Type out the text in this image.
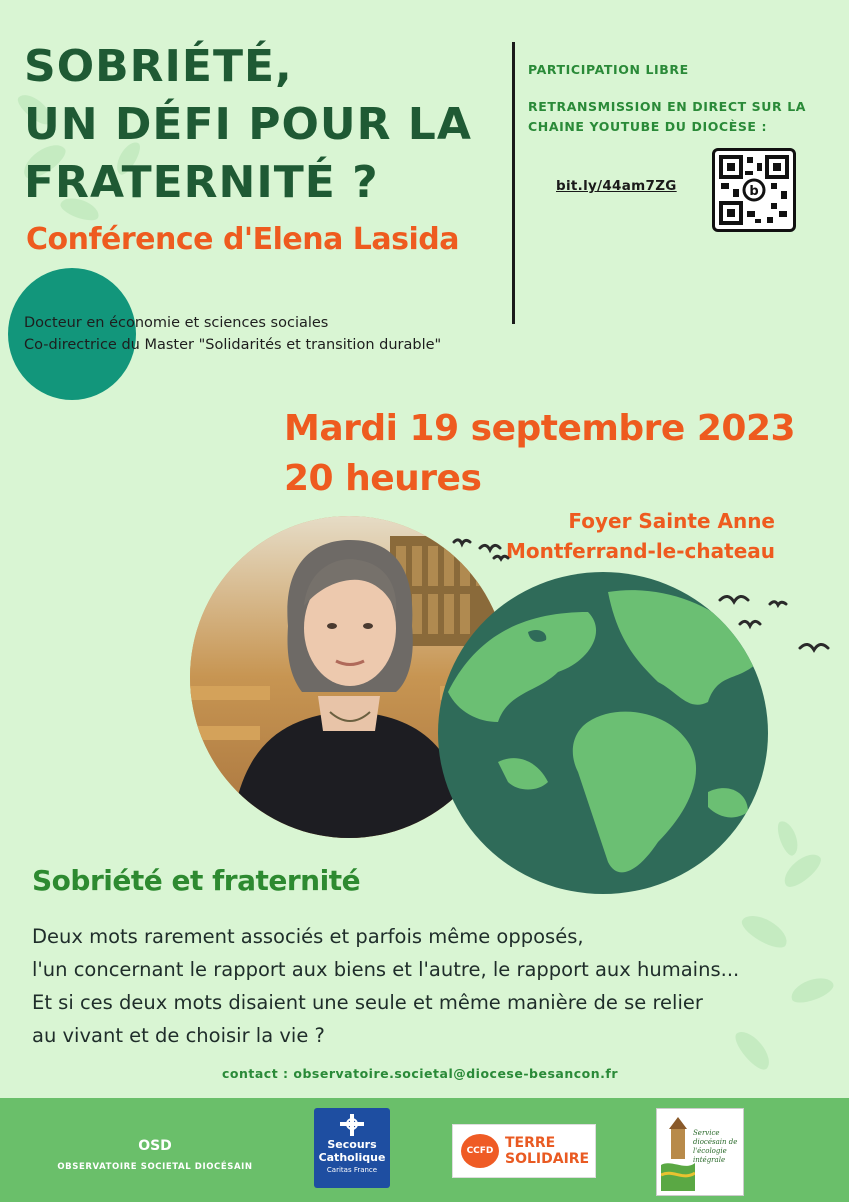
SOBRIÉTÉ,
UN DÉFI POUR LA
FRATERNITÉ ?
Conférence d'Elena Lasida
Docteur en économie et sciences sociales
Co-directrice du Master "Solidarités et transition durable"
PARTICIPATION LIBRE
RETRANSMISSION EN DIRECT SUR LA
CHAINE YOUTUBE DU DIOCÈSE :
bit.ly/44am7ZG	b
Mardi 19 septembre 2023
20 heures
Foyer Sainte Anne
Montferrand-le-chateau
Sobriété et fraternité
Deux mots rarement associés et parfois même opposés,
l'un concernant le rapport aux biens et l'autre, le rapport aux humains...
Et si ces deux mots disaient une seule et même manière de se relier
au vivant et de choisir la vie ?
contact : observatoire.societal@diocese-besancon.fr
OSD
OBSERVATOIRE SOCIETAL DIOCÉSAIN
Secours
Catholique
Caritas France
CCFD TERRE
SOLIDAIRE
Service diocésain de l'écologie intégrale
